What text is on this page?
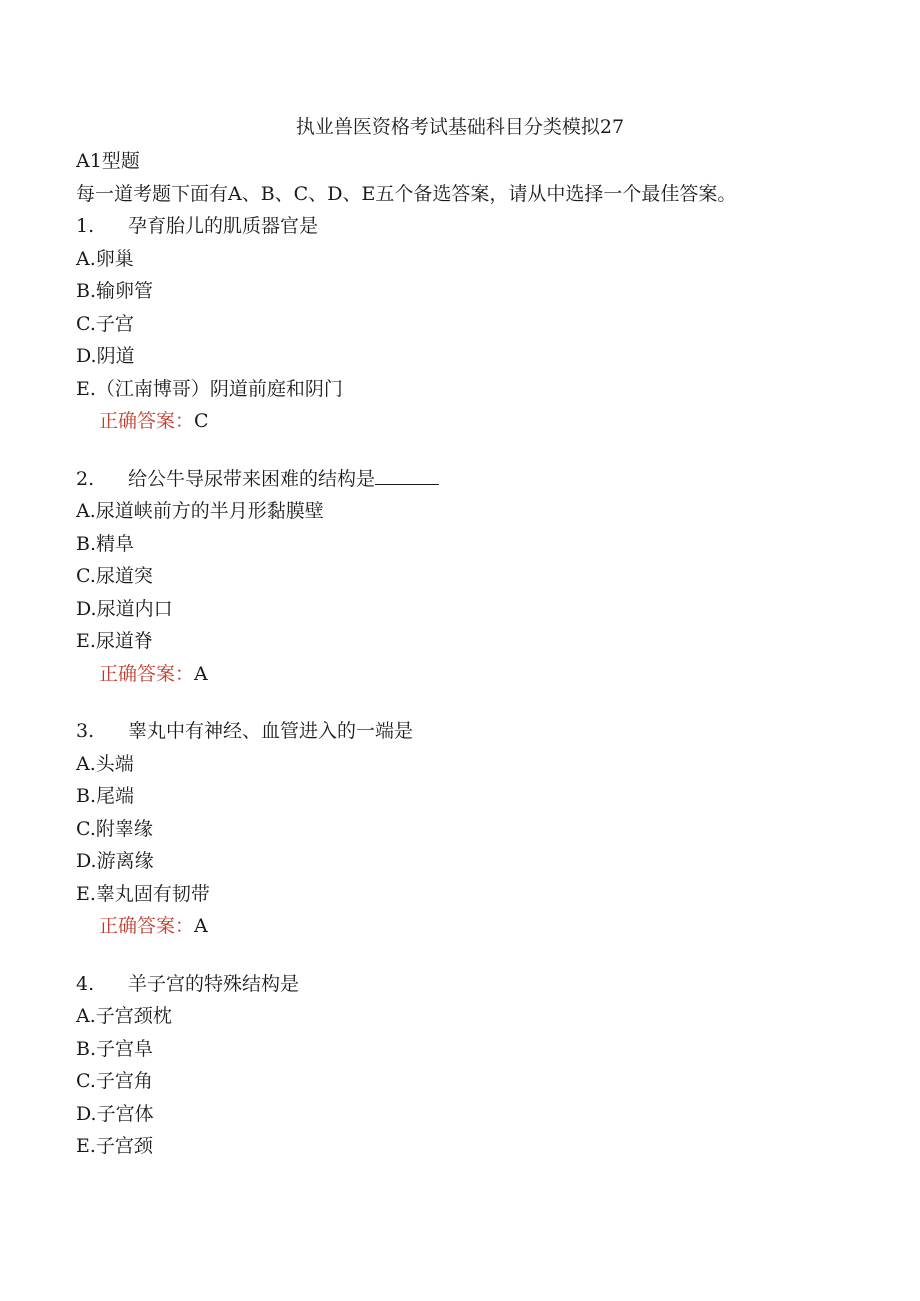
执业兽医资格考试基础科目分类模拟27
A1型题
每一道考题下面有A、B、C、D、E五个备选答案，请从中选择一个最佳答案。
1. 孕育胎儿的肌质器官是
A.卵巢
B.输卵管
C.子宫
D.阴道
E.（江南博哥）阴道前庭和阴门
正确答案：C
2. 给公牛导尿带来困难的结构是
A.尿道峡前方的半月形黏膜壁
B.精阜
C.尿道突
D.尿道内口
E.尿道脊
正确答案：A
3. 睾丸中有神经、血管进入的一端是
A.头端
B.尾端
C.附睾缘
D.游离缘
E.睾丸固有韧带
正确答案：A
4. 羊子宫的特殊结构是
A.子宫颈枕
B.子宫阜
C.子宫角
D.子宫体
E.子宫颈
